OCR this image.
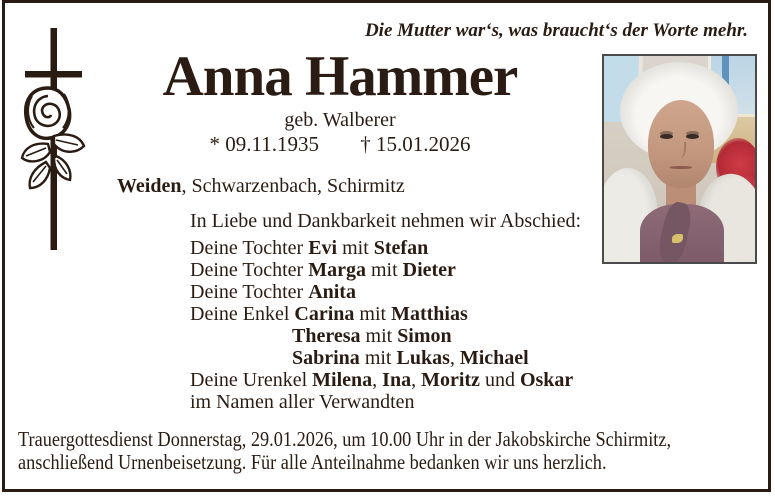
Die Mutter war‘s, was braucht‘s der Worte mehr.
Anna Hammer
geb. Walberer
* 09.11.1935 † 15.01.2026
Weiden, Schwarzenbach, Schirmitz
In Liebe und Dankbarkeit nehmen wir Abschied:
Deine Tochter Evi mit Stefan
Deine Tochter Marga mit Dieter
Deine Tochter Anita
Deine Enkel Carina mit Matthias
Theresa mit Simon
Sabrina mit Lukas, Michael
Deine Urenkel Milena, Ina, Moritz und Oskar
im Namen aller Verwandten
Trauergottesdienst Donnerstag, 29.01.2026, um 10.00 Uhr in der Jakobskirche Schirmitz,
anschließend Urnenbeisetzung. Für alle Anteilnahme bedanken wir uns herzlich.
